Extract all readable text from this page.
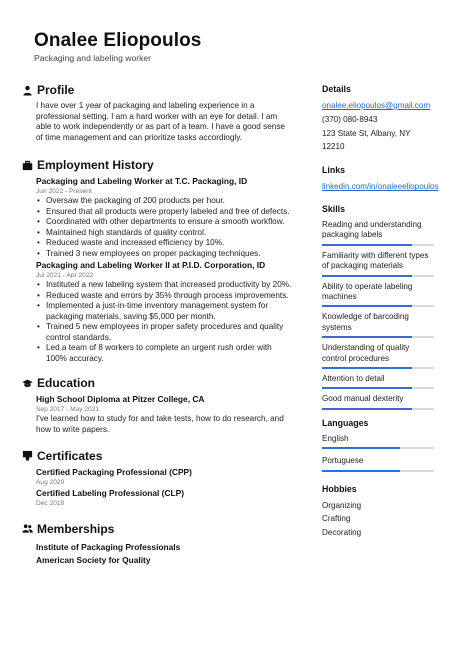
Onalee Eliopoulos
Packaging and labeling worker
Profile
I have over 1 year of packaging and labeling experience in a professional setting. I am a hard worker with an eye for detail. I am able to work independently or as part of a team. I have a good sense of time management and can prioritize tasks accordingly.
Employment History
Packaging and Labeling Worker at T.C. Packaging, ID
Jun 2022 - Present
• Oversaw the packaging of 200 products per hour.
• Ensured that all products were properly labeled and free of defects.
• Coordinated with other departments to ensure a smooth workflow.
• Maintained high standards of quality control.
• Reduced waste and increased efficiency by 10%.
• Trained 3 new employees on proper packaging techniques.
Packaging and Labeling Worker II at P.I.D. Corporation, ID
Jul 2021 - Apr 2022
• Instituted a new labeling system that increased productivity by 20%.
• Reduced waste and errors by 35% through process improvements.
• Implemented a just-in-time inventory management system for packaging materials, saving $5,000 per month.
• Trained 5 new employees in proper safety procedures and quality control standards.
• Led a team of 8 workers to complete an urgent rush order with 100% accuracy.
Education
High School Diploma at Pitzer College, CA
Sep 2017 - May 2021
I've learned how to study for and take tests, how to do research, and how to write papers.
Certificates
Certified Packaging Professional (CPP)
Aug 2020
Certified Labeling Professional (CLP)
Dec 2018
Memberships
Institute of Packaging Professionals
American Society for Quality
Details
onalee.eliopoulos@gmail.com
(370) 080-8943
123 State St, Albany, NY 12210
Links
linkedin.com/in/onaleeeliopoulos
Skills
Reading and understanding packaging labels
Familiarity with different types of packaging materials
Ability to operate labeling machines
Knowledge of barcoding systems
Understanding of quality control procedures
Attention to detail
Good manual dexterity
Languages
English
Portuguese
Hobbies
Organizing
Crafting
Decorating
